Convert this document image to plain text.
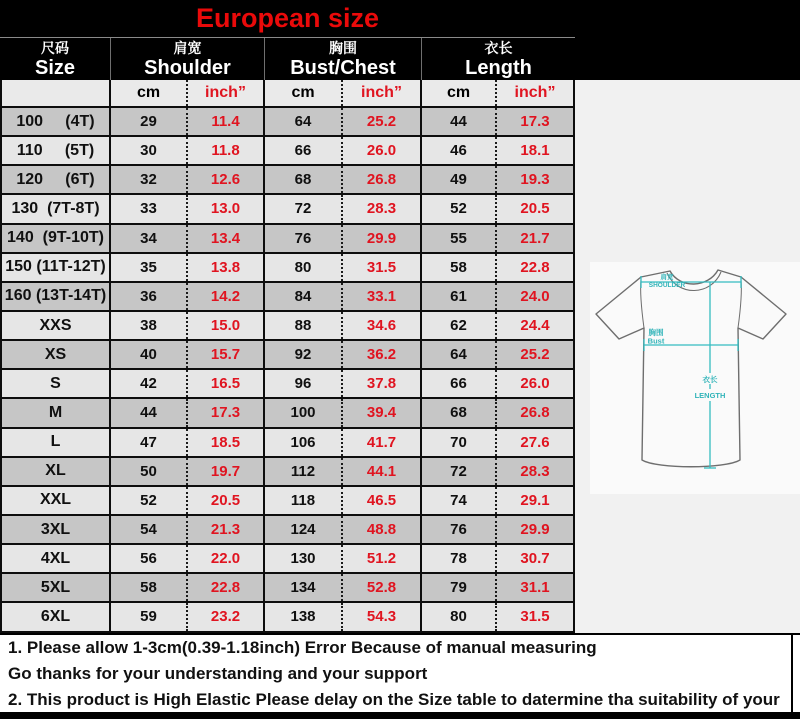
European size
尺码
Size
肩宽
Shoulder
胸围
Bust/Chest
衣长
Length
cm	inch”	cm	inch”	cm	inch”
100     (4T)	29	11.4	64	25.2	44	17.3
110     (5T)	30	11.8	66	26.0	46	18.1
120     (6T)	32	12.6	68	26.8	49	19.3
130  (7T-8T)	33	13.0	72	28.3	52	20.5
140  (9T-10T)	34	13.4	76	29.9	55	21.7
150 (11T-12T)	35	13.8	80	31.5	58	22.8
160 (13T-14T)	36	14.2	84	33.1	61	24.0
XXS	38	15.0	88	34.6	62	24.4
XS	40	15.7	92	36.2	64	25.2
S	42	16.5	96	37.8	66	26.0
M	44	17.3	100	39.4	68	26.8
L	47	18.5	106	41.7	70	27.6
XL	50	19.7	112	44.1	72	28.3
XXL	52	20.5	118	46.5	74	29.1
3XL	54	21.3	124	48.8	76	29.9
4XL	56	22.0	130	51.2	78	30.7
5XL	58	22.8	134	52.8	79	31.1
6XL	59	23.2	138	54.3	80	31.5
肩宽
SHOULDER
胸围
Bust
衣长
LENGTH
1. Please allow 1-3cm(0.39-1.18inch) Error Because of manual measuring
Go thanks for your understanding and your support
2. This product is High Elastic Please delay on the Size table to datermine tha suitability of your
